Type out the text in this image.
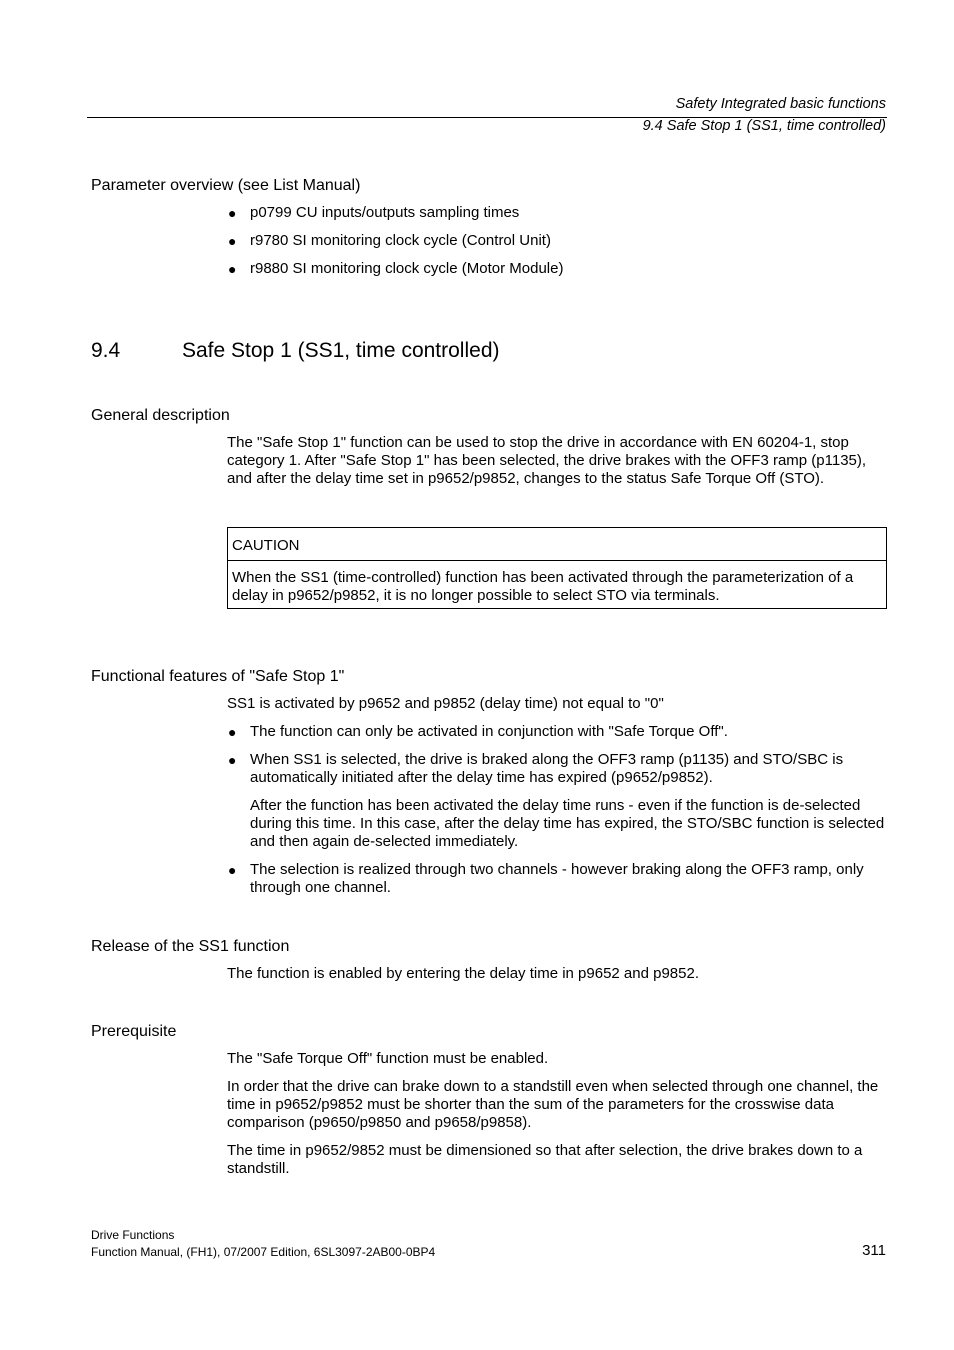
Safety Integrated basic functions
9.4 Safe Stop 1 (SS1, time controlled)
Parameter overview (see List Manual)
● p0799 CU inputs/outputs sampling times
● r9780 SI monitoring clock cycle (Control Unit)
● r9880 SI monitoring clock cycle (Motor Module)
9.4	Safe Stop 1 (SS1, time controlled)
General description
The "Safe Stop 1" function can be used to stop the drive in accordance with EN 60204-1, stop category 1. After "Safe Stop 1" has been selected, the drive brakes with the OFF3 ramp (p1135), and after the delay time set in p9652/p9852, changes to the status Safe Torque Off (STO).
CAUTION
When the SS1 (time-controlled) function has been activated through the parameterization of a delay in p9652/p9852, it is no longer possible to select STO via terminals.
Functional features of "Safe Stop 1"
SS1 is activated by p9652 and p9852 (delay time) not equal to "0"
● The function can only be activated in conjunction with "Safe Torque Off".
● When SS1 is selected, the drive is braked along the OFF3 ramp (p1135) and STO/SBC is automatically initiated after the delay time has expired (p9652/p9852).
After the function has been activated the delay time runs - even if the function is de-selected during this time. In this case, after the delay time has expired, the STO/SBC function is selected and then again de-selected immediately.
● The selection is realized through two channels - however braking along the OFF3 ramp, only through one channel.
Release of the SS1 function
The function is enabled by entering the delay time in p9652 and p9852.
Prerequisite
The "Safe Torque Off" function must be enabled.
In order that the drive can brake down to a standstill even when selected through one channel, the time in p9652/p9852 must be shorter than the sum of the parameters for the crosswise data comparison (p9650/p9850 and p9658/p9858).
The time in p9652/9852 must be dimensioned so that after selection, the drive brakes down to a standstill.
Drive Functions
Function Manual, (FH1), 07/2007 Edition, 6SL3097-2AB00-0BP4	311
